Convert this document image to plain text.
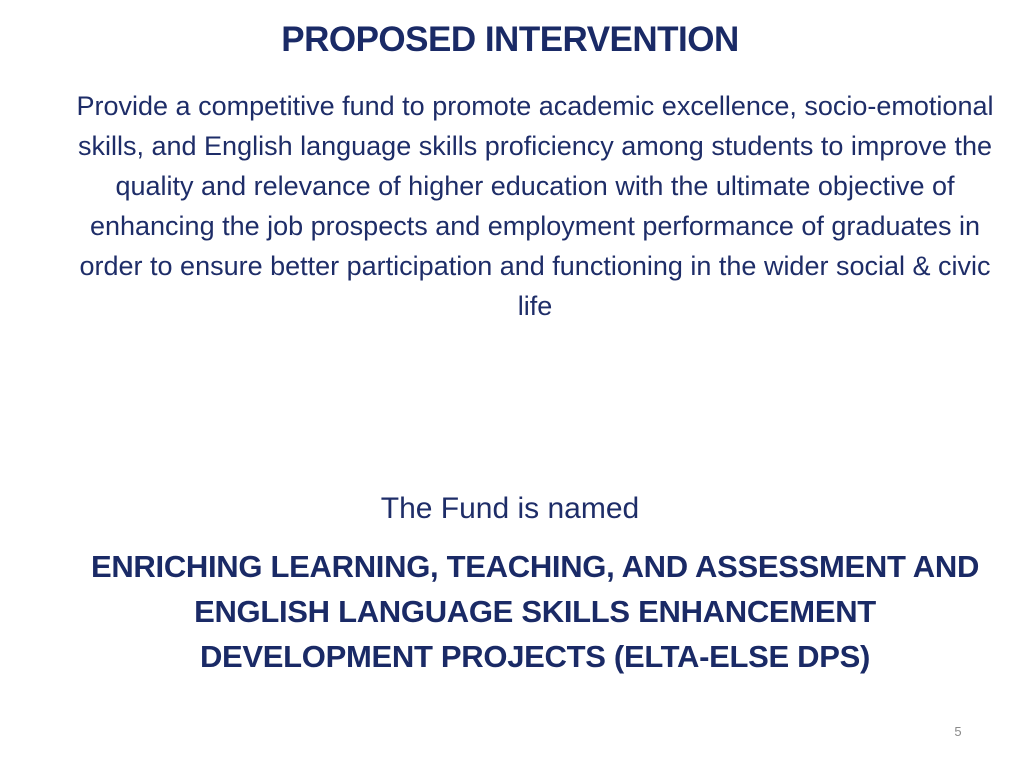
PROPOSED INTERVENTION
Provide a competitive fund to promote academic excellence, socio-emotional skills, and English language skills proficiency among students to improve the quality and relevance of higher education with the ultimate objective of enhancing the job prospects and employment performance of graduates in order to ensure better participation and functioning in the wider social & civic life
The Fund is named
ENRICHING LEARNING, TEACHING, AND ASSESSMENT AND ENGLISH LANGUAGE SKILLS ENHANCEMENT DEVELOPMENT PROJECTS (ELTA-ELSE DPS)
5
